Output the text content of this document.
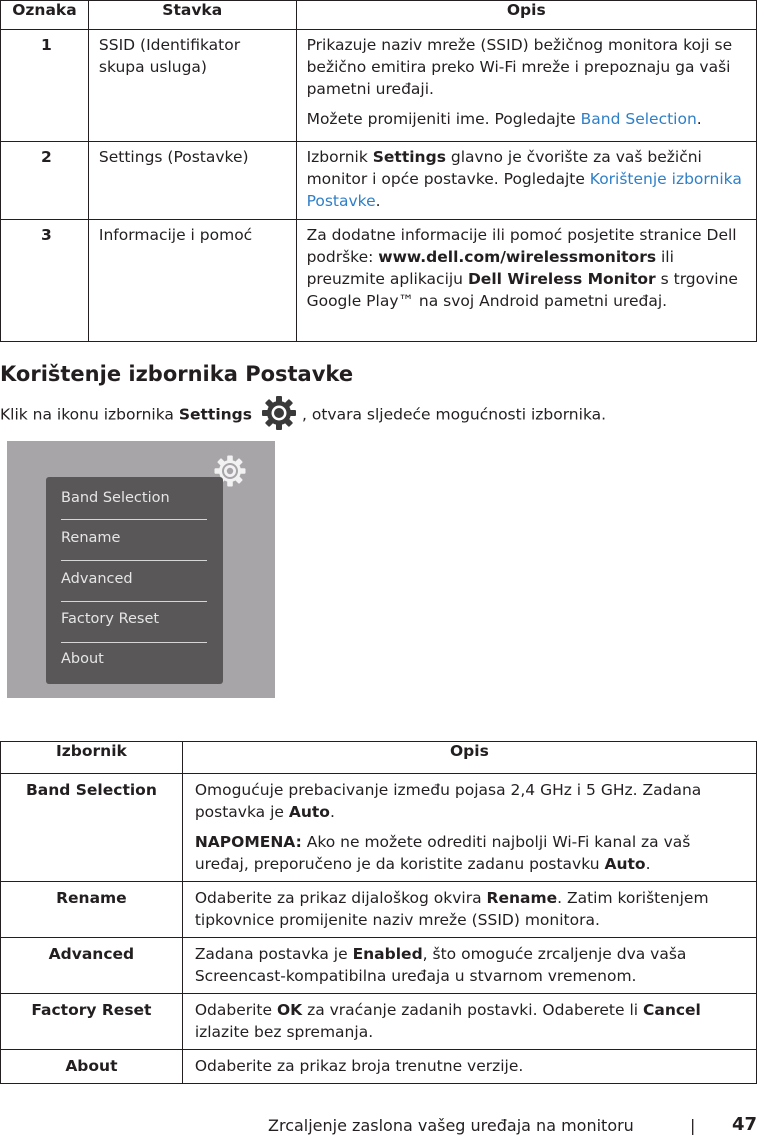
Oznaka	Stavka	Opis
1	SSID (Identifikator skupa usluga)	Prikazuje naziv mreže (SSID) bežičnog monitora koji se bežično emitira preko Wi-Fi mreže i prepoznaju ga vaši pametni uređaji.

Možete promijeniti ime. Pogledajte Band Selection.

2	Settings (Postavke)	Izbornik Settings glavno je čvorište za vaš bežični monitor i opće postavke. Pogledajte Korištenje izbornika Postavke.
3	Informacije i pomoć	Za dodatne informacije ili pomoć posjetite stranice Dell podrške: www.dell.com/wirelessmonitors ili preuzmite aplikaciju Dell Wireless Monitor s trgovine Google Play™ na svoj Android pametni uređaj.
Korištenje izbornika Postavke
Klik na ikonu izbornika Settings	, otvara sljedeće mogućnosti izbornika.
Band Selection
Rename
Advanced
Factory Reset
About
Izbornik	Opis
Band Selection	Omogućuje prebacivanje između pojasa 2,4 GHz i 5 GHz. Zadana postavka je Auto.

NAPOMENA: Ako ne možete odrediti najbolji Wi-Fi kanal za vaš uređaj, preporučeno je da koristite zadanu postavku Auto.

Rename	Odaberite za prikaz dijaloškog okvira Rename. Zatim korištenjem tipkovnice promijenite naziv mreže (SSID) monitora.
Advanced	Zadana postavka je Enabled, što omogućе zrcaljenje dva vaša Screencast-kompatibilna uređaja u stvarnom vremenom.
Factory Reset	Odaberite OK za vraćanje zadanih postavki. Odaberete li Cancel izlazite bez spremanja.
About	Odaberite za prikaz broja trenutne verzije.
Zrcaljenje zaslona vašeg uređaja na monitoru	| 47
